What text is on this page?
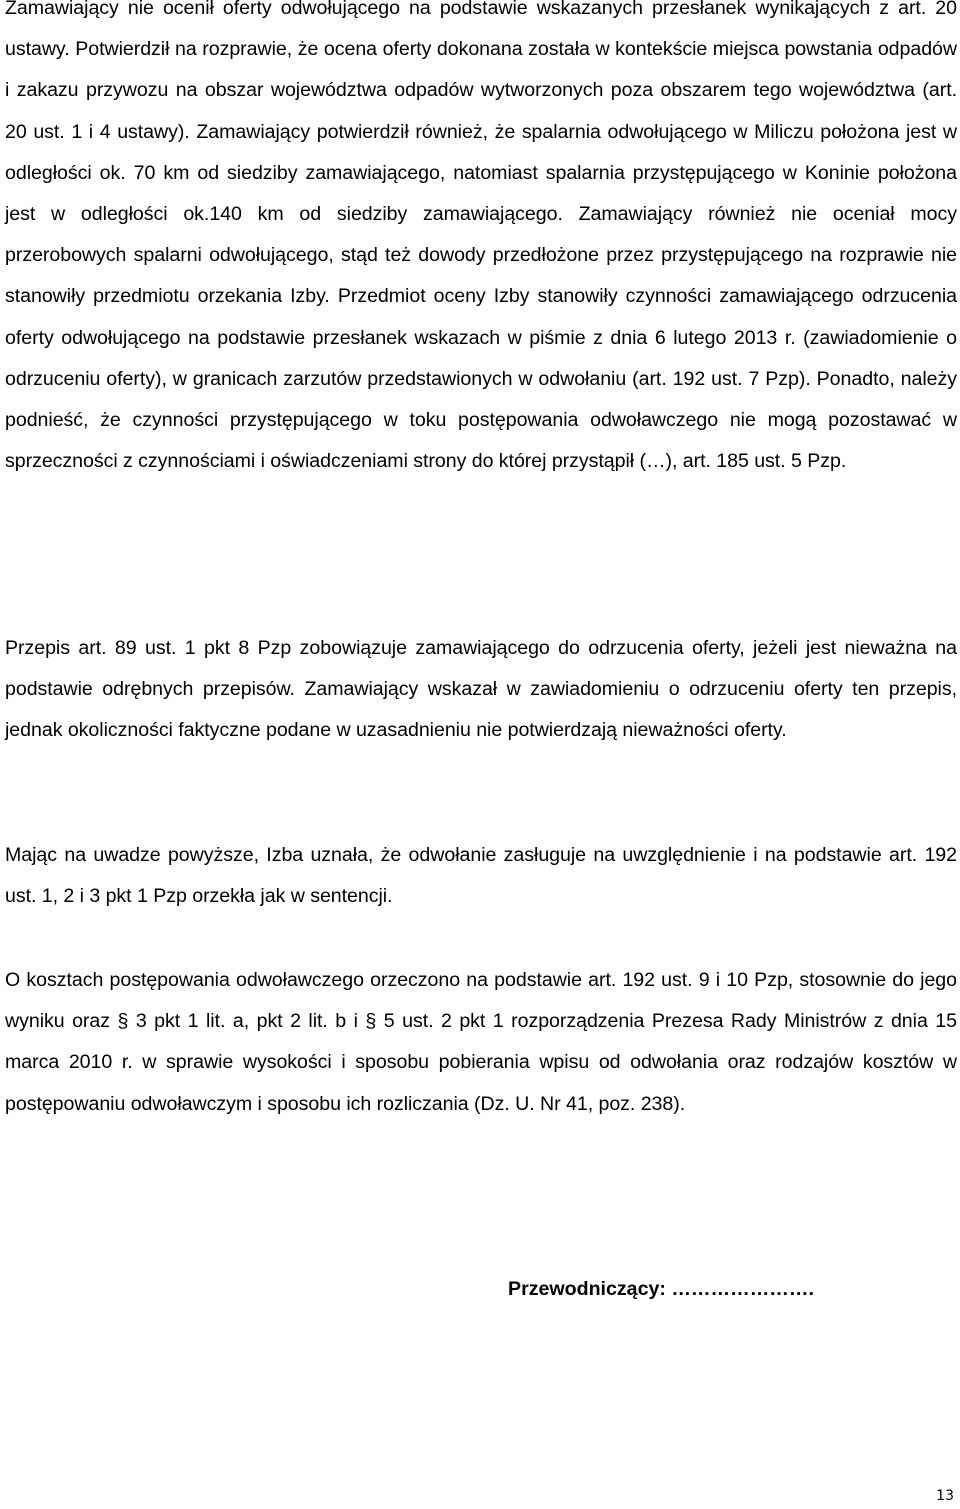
Zamawiający nie ocenił oferty odwołującego na podstawie wskazanych przesłanek wynikających z art. 20 ustawy. Potwierdził na rozprawie, że ocena oferty dokonana została w kontekście miejsca powstania odpadów i zakazu przywozu na obszar województwa odpadów wytworzonych poza obszarem tego województwa (art. 20 ust. 1 i 4 ustawy). Zamawiający potwierdził również, że spalarnia odwołującego w Miliczu położona jest w odległości ok. 70 km od siedziby zamawiającego, natomiast spalarnia przystępującego w Koninie położona jest w odległości ok.140 km od siedziby zamawiającego. Zamawiający również nie oceniał mocy przerobowych spalarni odwołującego, stąd też dowody przedłożone przez przystępującego na rozprawie nie stanowiły przedmiotu orzekania Izby. Przedmiot oceny Izby stanowiły czynności zamawiającego odrzucenia oferty odwołującego na podstawie przesłanek wskazach w piśmie z dnia 6 lutego 2013 r. (zawiadomienie o odrzuceniu oferty), w granicach zarzutów przedstawionych w odwołaniu (art. 192 ust. 7 Pzp). Ponadto, należy podnieść, że czynności przystępującego w toku postępowania odwoławczego nie mogą pozostawać w sprzeczności z czynnościami i oświadczeniami strony do której przystąpił (…), art. 185 ust. 5 Pzp.

Przepis art. 89 ust. 1 pkt 8 Pzp zobowiązuje zamawiającego do odrzucenia oferty, jeżeli jest nieważna na podstawie odrębnych przepisów. Zamawiający wskazał w zawiadomieniu o odrzuceniu oferty ten przepis, jednak okoliczności faktyczne podane w uzasadnieniu nie potwierdzają nieważności oferty.

Mając na uwadze powyższe, Izba uznała, że odwołanie zasługuje na uwzględnienie i na podstawie art. 192 ust. 1, 2 i 3 pkt 1 Pzp orzekła jak w sentencji.

O kosztach postępowania odwoławczego orzeczono na podstawie art. 192 ust. 9 i 10 Pzp, stosownie do jego wyniku oraz § 3 pkt 1 lit. a, pkt 2 lit. b i § 5 ust. 2 pkt 1 rozporządzenia Prezesa Rady Ministrów z dnia 15 marca 2010 r. w sprawie wysokości i sposobu pobierania wpisu od odwołania oraz rodzajów kosztów w postępowaniu odwoławczym i sposobu ich rozliczania (Dz. U. Nr 41, poz. 238).

Przewodniczący: ………………….
13
